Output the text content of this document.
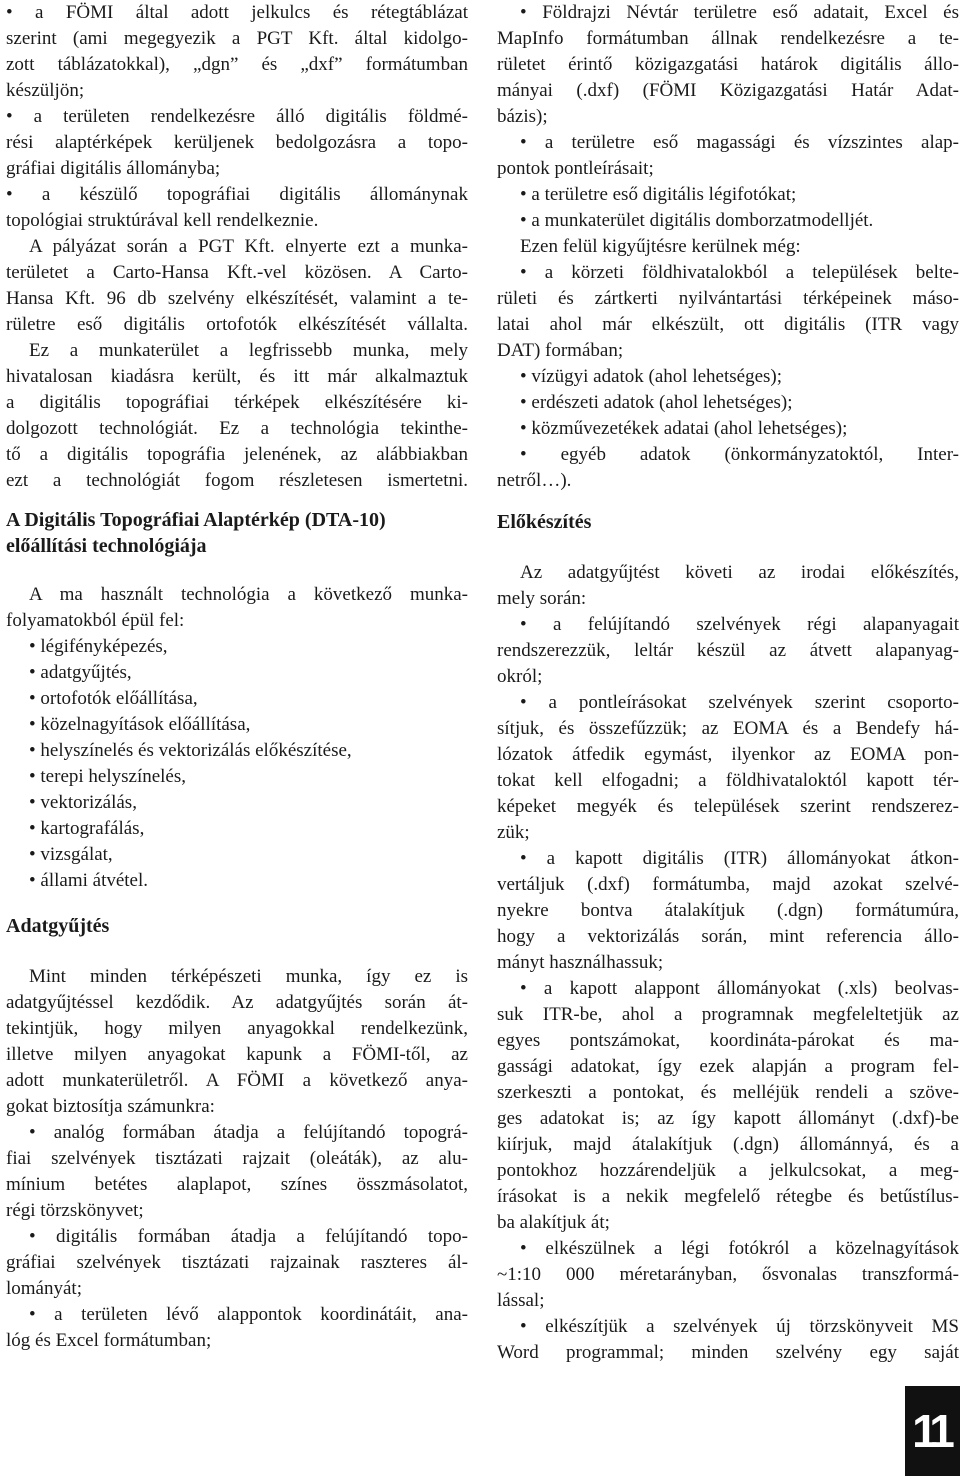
• a FÖMI által adott jelkulcs és rétegtáblázat
szerint (ami megegyezik a PGT Kft. által kidolgo-
zott táblázatokkal), „dgn” és „dxf” formátumban
készüljön;
• a területen rendelkezésre álló digitális földmé-
rési alaptérképek kerüljenek bedolgozásra a topo-
gráfiai digitális állományba;
• a készülő topográfiai digitális állománynak
topológiai struktúrával kell rendelkeznie.
A pályázat során a PGT Kft. elnyerte ezt a munka-
területet a Carto-Hansa Kft.-vel közösen. A Carto-
Hansa Kft. 96 db szelvény elkészítését, valamint a te-
rületre eső digitális ortofotók elkészítését vállalta.
Ez a munkaterület a legfrissebb munka, mely
hivatalosan kiadásra került, és itt már alkalmaztuk
a digitális topográfiai térképek elkészítésére ki-
dolgozott technológiát. Ez a technológia tekinthe-
tő a digitális topográfia jelenének, az alábbiakban
ezt a technológiát fogom részletesen ismertetni.
A Digitális Topográfiai Alaptérkép (DTA-10)
előállítási technológiája
A ma használt technológia a következő munka-
folyamatokból épül fel:
• légifényképezés,
• adatgyűjtés,
• ortofotók előállítása,
• közelnagyítások előállítása,
• helyszínelés és vektorizálás előkészítése,
• terepi helyszínelés,
• vektorizálás,
• kartografálás,
• vizsgálat,
• állami átvétel.
Adatgyűjtés
Mint minden térképészeti munka, így ez is
adatgyűjtéssel kezdődik. Az adatgyűjtés során át-
tekintjük, hogy milyen anyagokkal rendelkezünk,
illetve milyen anyagokat kapunk a FÖMI-től, az
adott munkaterületről. A FÖMI a következő anya-
gokat biztosítja számunkra:
• analóg formában átadja a felújítandó topográ-
fiai szelvények tisztázati rajzait (oleáták), az alu-
mínium betétes alaplapot, színes összmásolatot,
régi törzskönyvet;
• digitális formában átadja a felújítandó topo-
gráfiai szelvények tisztázati rajzainak raszteres ál-
lományát;
• a területen lévő alappontok koordinátáit, ana-
lóg és Excel formátumban;
• Földrajzi Névtár területre eső adatait, Excel és
MapInfo formátumban állnak rendelkezésre a te-
rületet érintő közigazgatási határok digitális állo-
mányai (.dxf) (FÖMI Közigazgatási Határ Adat-
bázis);
• a területre eső magassági és vízszintes alap-
pontok pontleírásait;
• a területre eső digitális légifotókat;
• a munkaterület digitális domborzatmodelljét.
Ezen felül kigyűjtésre kerülnek még:
• a körzeti földhivatalokból a települések belte-
rületi és zártkerti nyilvántartási térképeinek máso-
latai ahol már elkészült, ott digitális (ITR vagy
DAT) formában;
• vízügyi adatok (ahol lehetséges);
• erdészeti adatok (ahol lehetséges);
• közművezetékek adatai (ahol lehetséges);
• egyéb adatok (önkormányzatoktól, Inter-
netről…).
Előkészítés
Az adatgyűjtést követi az irodai előkészítés,
mely során:
• a felújítandó szelvények régi alapanyagait
rendszerezzük, leltár készül az átvett alapanyag-
okról;
• a pontleírásokat szelvények szerint csoporto-
sítjuk, és összefűzzük; az EOMA és a Bendefy há-
lózatok átfedik egymást, ilyenkor az EOMA pon-
tokat kell elfogadni; a földhivataloktól kapott tér-
képeket megyék és települések szerint rendszerez-
zük;
• a kapott digitális (ITR) állományokat átkon-
vertáljuk (.dxf) formátumba, majd azokat szelvé-
nyekre bontva átalakítjuk (.dgn) formátumúra,
hogy a vektorizálás során, mint referencia állo-
mányt használhassuk;
• a kapott alappont állományokat (.xls) beolvas-
suk ITR-be, ahol a programnak megfeleltetjük az
egyes pontszámokat, koordináta-párokat és ma-
gassági adatokat, így ezek alapján a program fel-
szerkeszti a pontokat, és melléjük rendeli a szöve-
ges adatokat is; az így kapott állományt (.dxf)-be
kiírjuk, majd átalakítjuk (.dgn) állománnyá, és a
pontokhoz hozzárendeljük a jelkulcsokat, a meg-
írásokat is a nekik megfelelő rétegbe és betűstílus-
ba alakítjuk át;
• elkészülnek a légi fotókról a közelnagyítások
~1:10 000 méretarányban, ősvonalas transzformá-
lással;
• elkészítjük a szelvények új törzskönyveit MS
Word programmal; minden szelvény egy saját
11
